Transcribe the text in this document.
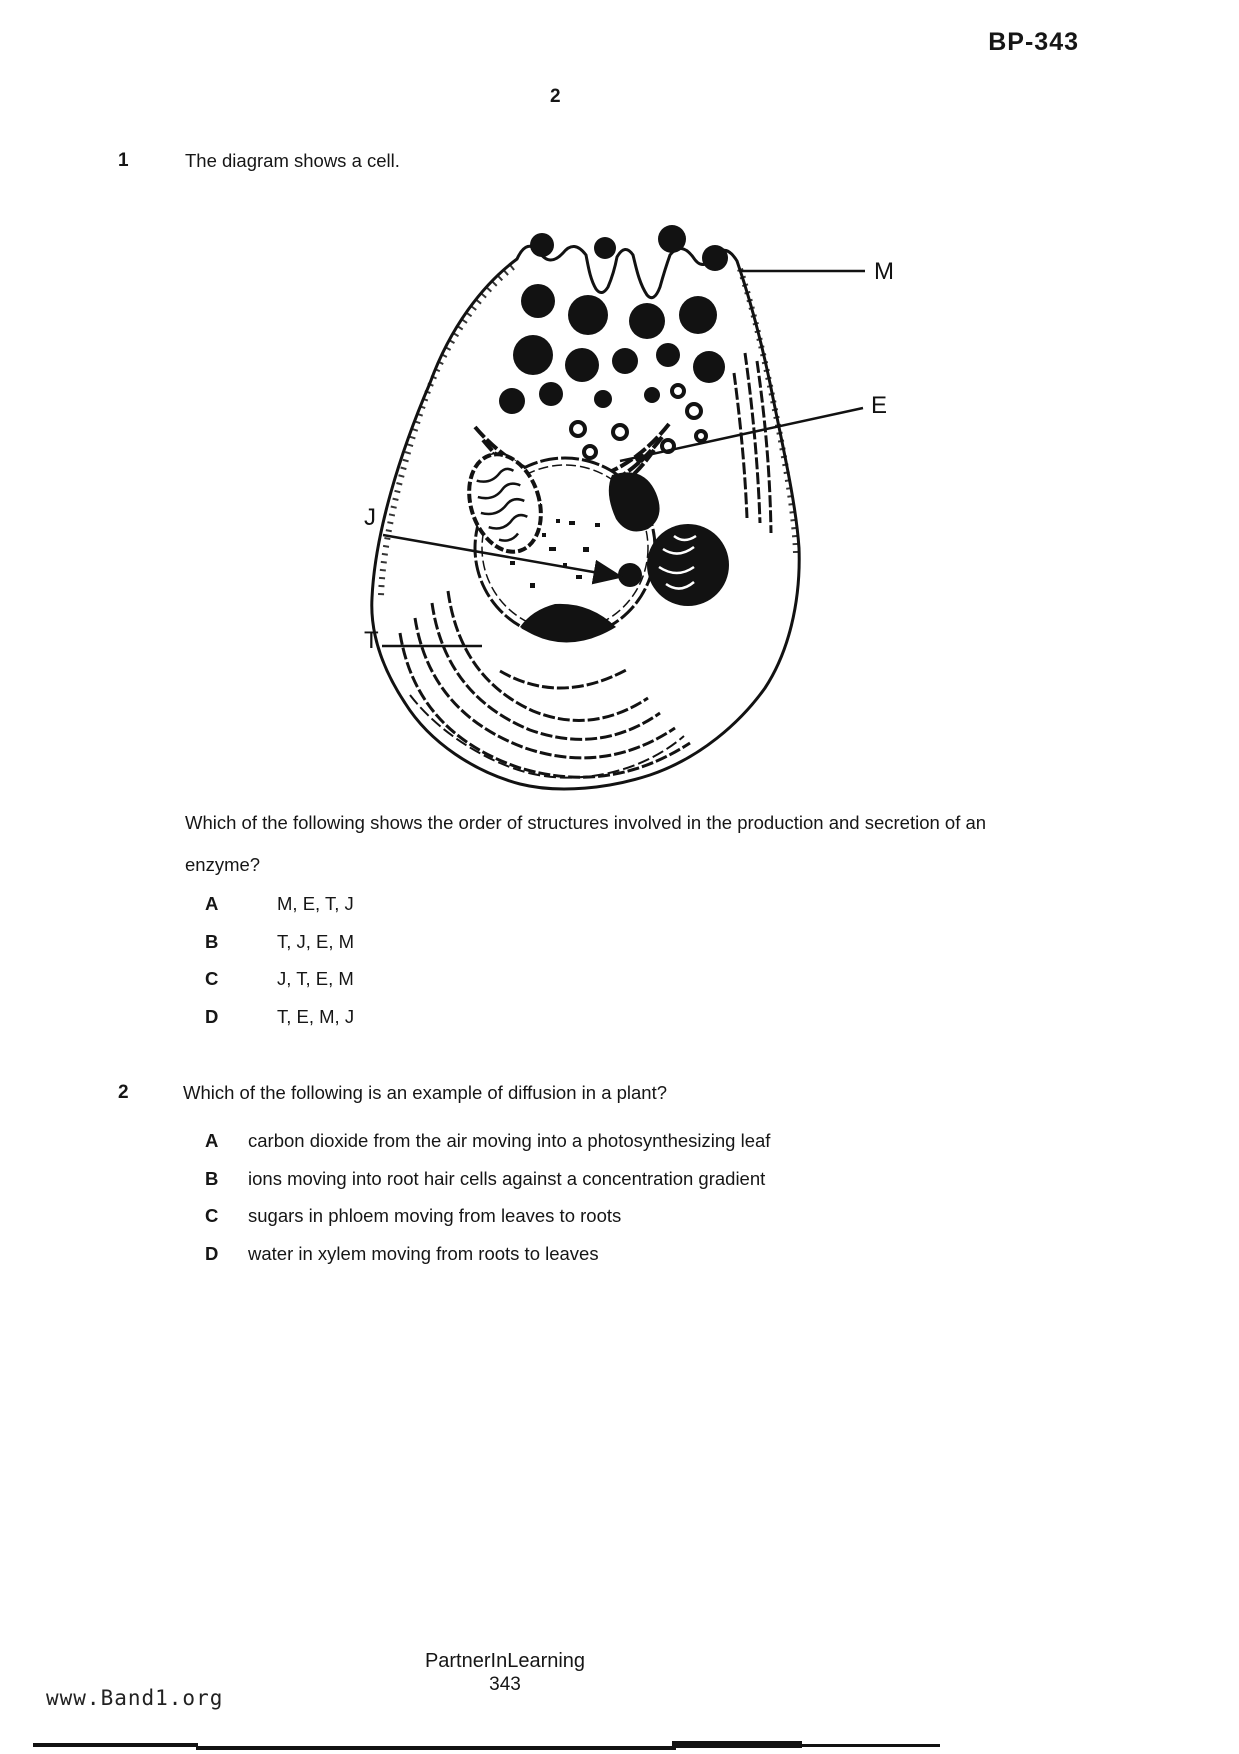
BP-343
2
1	The diagram shows a cell.
M
E
J
T
Which of the following shows the order of structures involved in the production and secretion of an enzyme?
A	M, E, T, J
B	T, J, E, M
C	J, T, E, M
D	T, E, M, J
2	Which of the following is an example of diffusion in a plant?
A	carbon dioxide from the air moving into a photosynthesizing leaf
B	ions moving into root hair cells against a concentration gradient
C	sugars in phloem moving from leaves to roots
D	water in xylem moving from roots to leaves
PartnerInLearning
343
www.Band1.org
